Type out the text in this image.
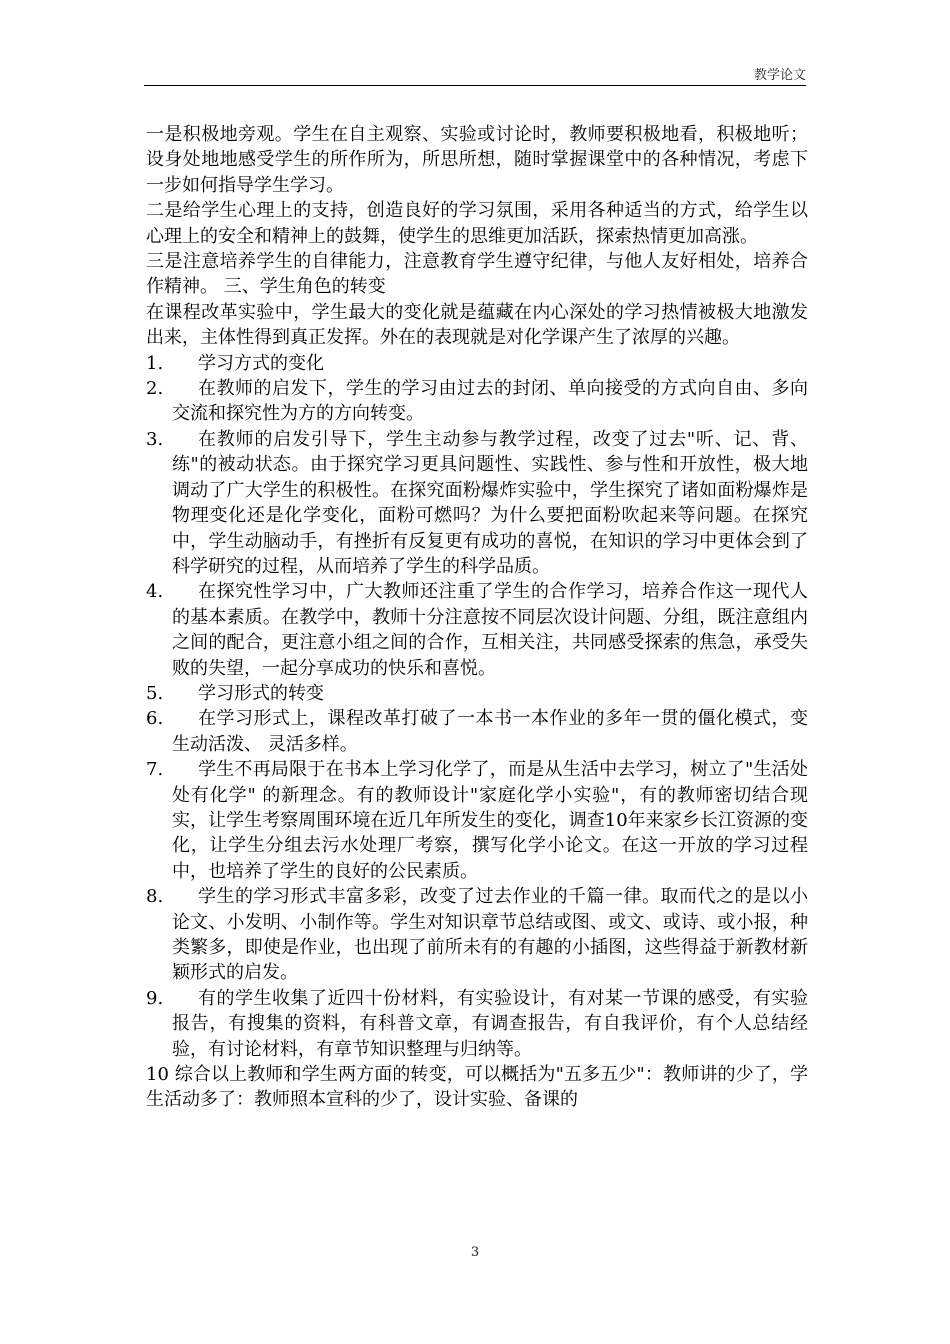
教学论文

一是积极地旁观。学生在自主观察、实验或讨论时，教师要积极地看，积极地听；设身处地地感受学生的所作所为，所思所想，随时掌握课堂中的各种情况，考虑下一步如何指导学生学习。

二是给学生心理上的支持，创造良好的学习氛围，采用各种适当的方式，给学生以心理上的安全和精神上的鼓舞，使学生的思维更加活跃，探索热情更加高涨。

三是注意培养学生的自律能力，注意教育学生遵守纪律，与他人友好相处，培养合作精神。 三、学生角色的转变

在课程改革实验中，学生最大的变化就是蕴藏在内心深处的学习热情被极大地激发出来，主体性得到真正发挥。外在的表现就是对化学课产生了浓厚的兴趣。

1.	学习方式的变化
2.	在教师的启发下，学生的学习由过去的封闭、单向接受的方式向自由、多向交流和探究性为方的方向转变。
3.	在教师的启发引导下，学生主动参与教学过程，改变了过去"听、记、背、练"的被动状态。由于探究学习更具问题性、实践性、参与性和开放性，极大地调动了广大学生的积极性。在探究面粉爆炸实验中，学生探究了诸如面粉爆炸是物理变化还是化学变化，面粉可燃吗？为什么要把面粉吹起来等问题。在探究中，学生动脑动手，有挫折有反复更有成功的喜悦，在知识的学习中更体会到了科学研究的过程，从而培养了学生的科学品质。
4.	在探究性学习中，广大教师还注重了学生的合作学习，培养合作这一现代人的基本素质。在教学中，教师十分注意按不同层次设计问题、分组，既注意组内之间的配合，更注意小组之间的合作，互相关注，共同感受探索的焦急，承受失败的失望，一起分享成功的快乐和喜悦。
5.	学习形式的转变
6.	在学习形式上，课程改革打破了一本书一本作业的多年一贯的僵化模式，变生动活泼、 灵活多样。
7.	学生不再局限于在书本上学习化学了，而是从生活中去学习，树立了"生活处处有化学" 的新理念。有的教师设计"家庭化学小实验"，有的教师密切结合现实，让学生考察周围环境在近几年所发生的变化，调查10年来家乡长江资源的变化，让学生分组去污水处理厂考察，撰写化学小论文。在这一开放的学习过程中，也培养了学生的良好的公民素质。
8.	学生的学习形式丰富多彩，改变了过去作业的千篇一律。取而代之的是以小论文、小发明、小制作等。学生对知识章节总结或图、或文、或诗、或小报，种类繁多，即使是作业，也出现了前所未有的有趣的小插图，这些得益于新教材新颖形式的启发。
9.	有的学生收集了近四十份材料，有实验设计，有对某一节课的感受，有实验报告，有搜集的资料，有科普文章，有调查报告，有自我评价，有个人总结经验，有讨论材料，有章节知识整理与归纳等。

10 综合以上教师和学生两方面的转变，可以概括为"五多五少"：教师讲的少了，学生活动多了：教师照本宣科的少了，设计实验、备课的

3
